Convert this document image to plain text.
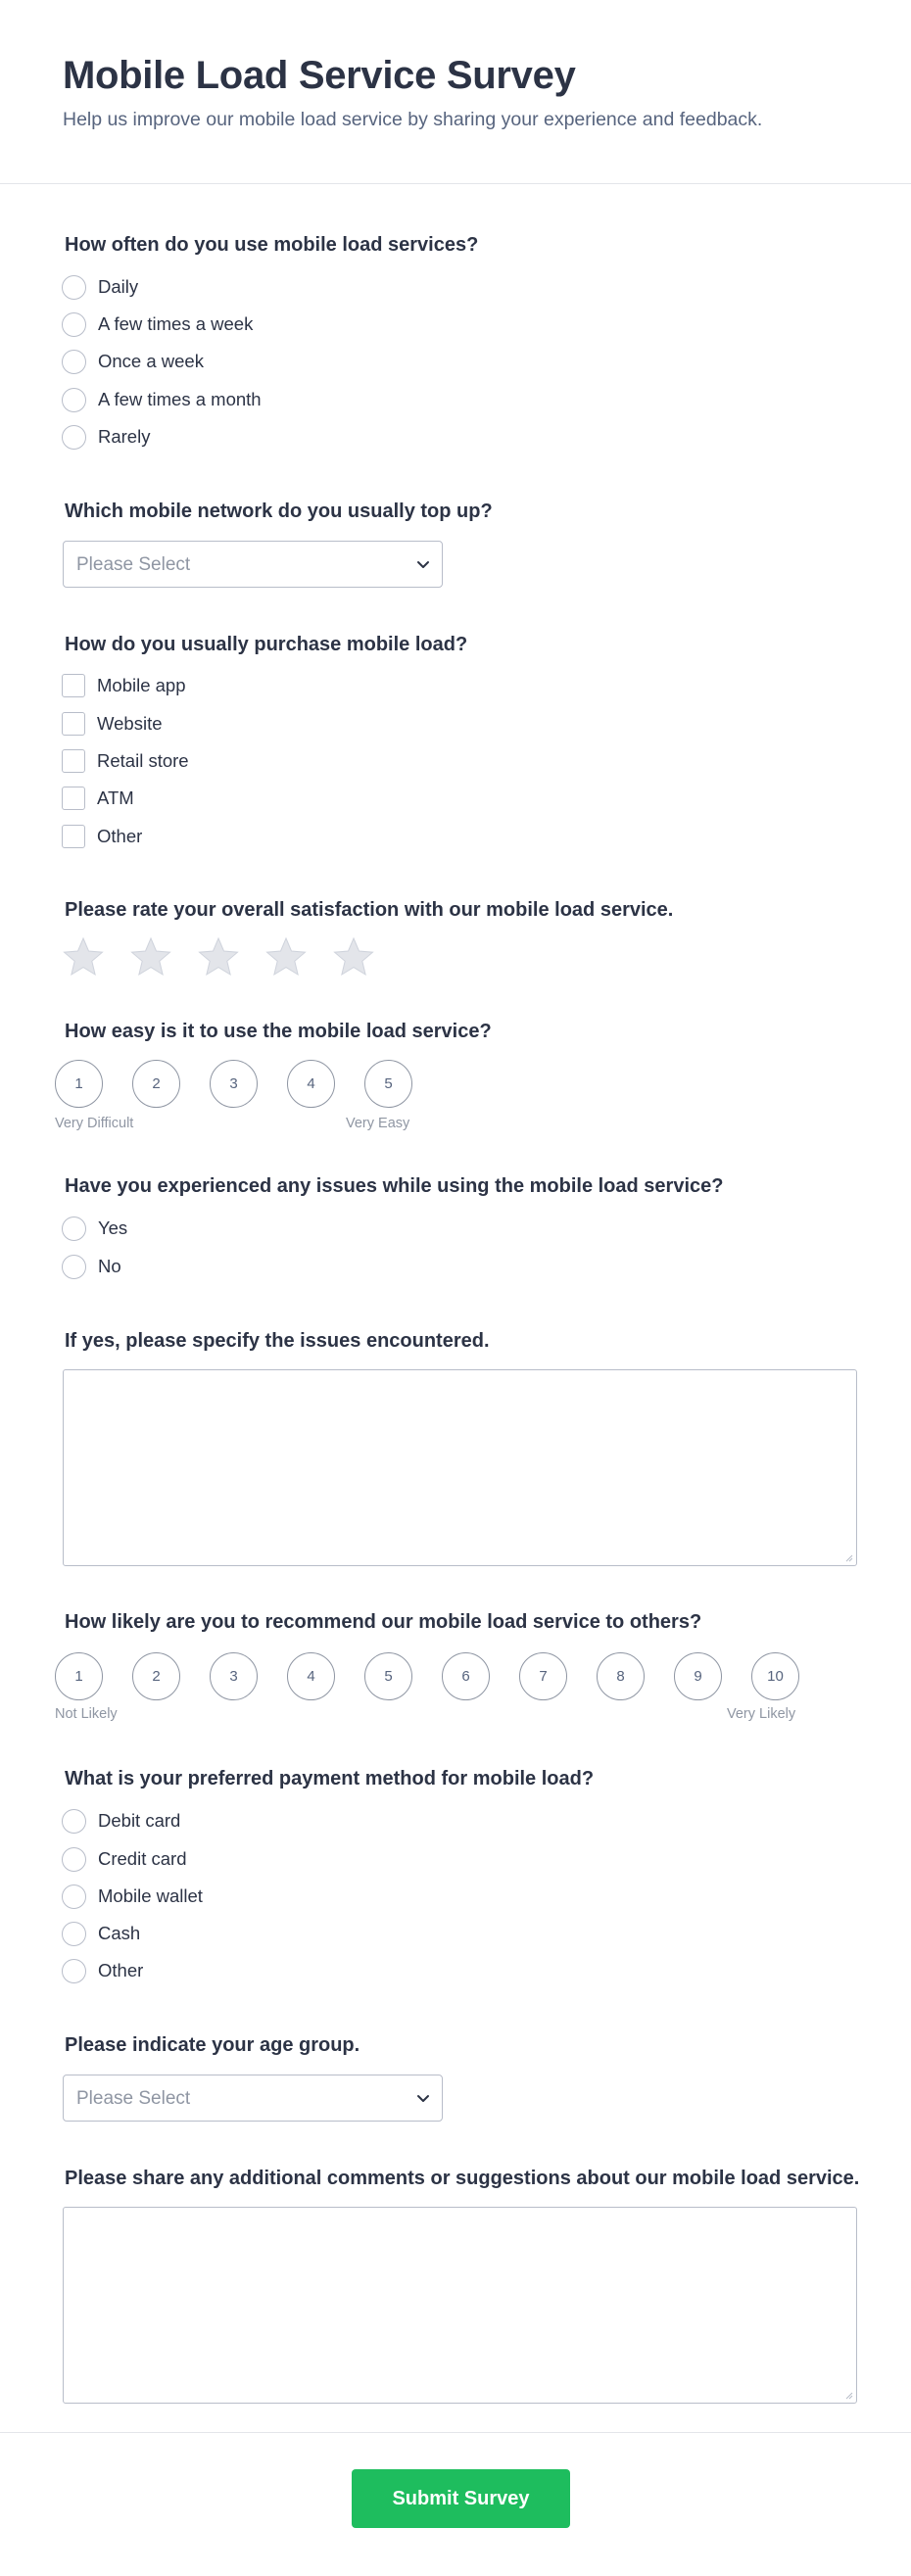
Mobile Load Service Survey
Help us improve our mobile load service by sharing your experience and feedback.
How often do you use mobile load services?
Daily
A few times a week
Once a week
A few times a month
Rarely
Which mobile network do you usually top up?
Please Select
How do you usually purchase mobile load?
Mobile app
Website
Retail store
ATM
Other
Please rate your overall satisfaction with our mobile load service.
How easy is it to use the mobile load service?
1	2	3	4	5
Very Difficult	Very Easy
Have you experienced any issues while using the mobile load service?
Yes
No
If yes, please specify the issues encountered.
How likely are you to recommend our mobile load service to others?
1	2	3	4	5	6	7	8	9	10
Not Likely	Very Likely
What is your preferred payment method for mobile load?
Debit card
Credit card
Mobile wallet
Cash
Other
Please indicate your age group.
Please Select
Please share any additional comments or suggestions about our mobile load service.
Submit Survey
